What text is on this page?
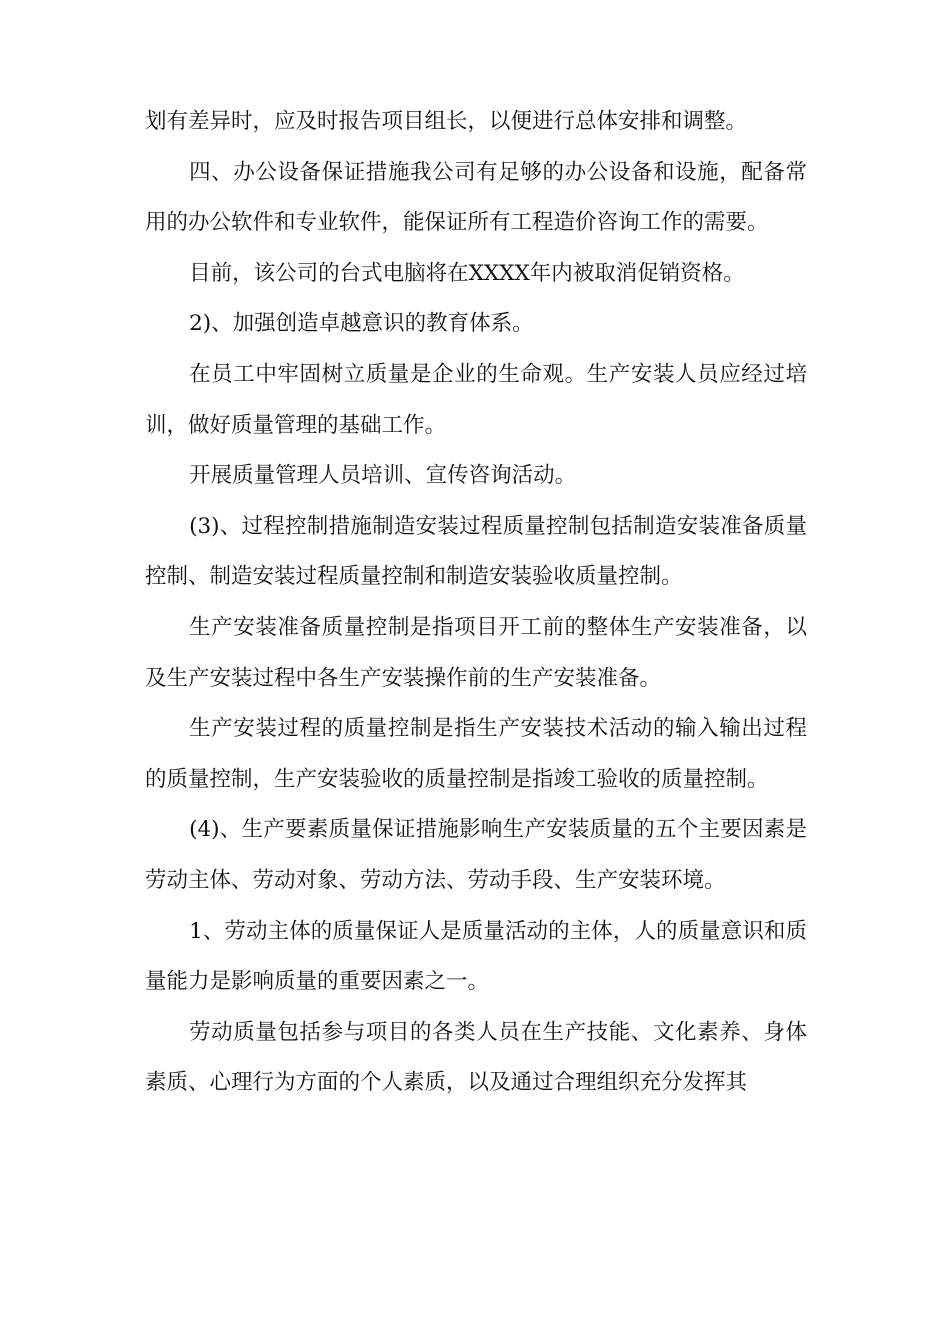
划有差异时，应及时报告项目组长，以便进行总体安排和调整。

四、办公设备保证措施我公司有足够的办公设备和设施，配备常用的办公软件和专业软件，能保证所有工程造价咨询工作的需要。

目前，该公司的台式电脑将在XXXX年内被取消促销资格。

2)、加强创造卓越意识的教育体系。

在员工中牢固树立质量是企业的生命观。生产安装人员应经过培训，做好质量管理的基础工作。

开展质量管理人员培训、宣传咨询活动。

(3)、过程控制措施制造安装过程质量控制包括制造安装准备质量控制、制造安装过程质量控制和制造安装验收质量控制。

生产安装准备质量控制是指项目开工前的整体生产安装准备，以及生产安装过程中各生产安装操作前的生产安装准备。

生产安装过程的质量控制是指生产安装技术活动的输入输出过程的质量控制，生产安装验收的质量控制是指竣工验收的质量控制。

(4)、生产要素质量保证措施影响生产安装质量的五个主要因素是劳动主体、劳动对象、劳动方法、劳动手段、生产安装环境。

1、劳动主体的质量保证人是质量活动的主体，人的质量意识和质量能力是影响质量的重要因素之一。

劳动质量包括参与项目的各类人员在生产技能、文化素养、身体素质、心理行为方面的个人素质，以及通过合理组织充分发挥其
